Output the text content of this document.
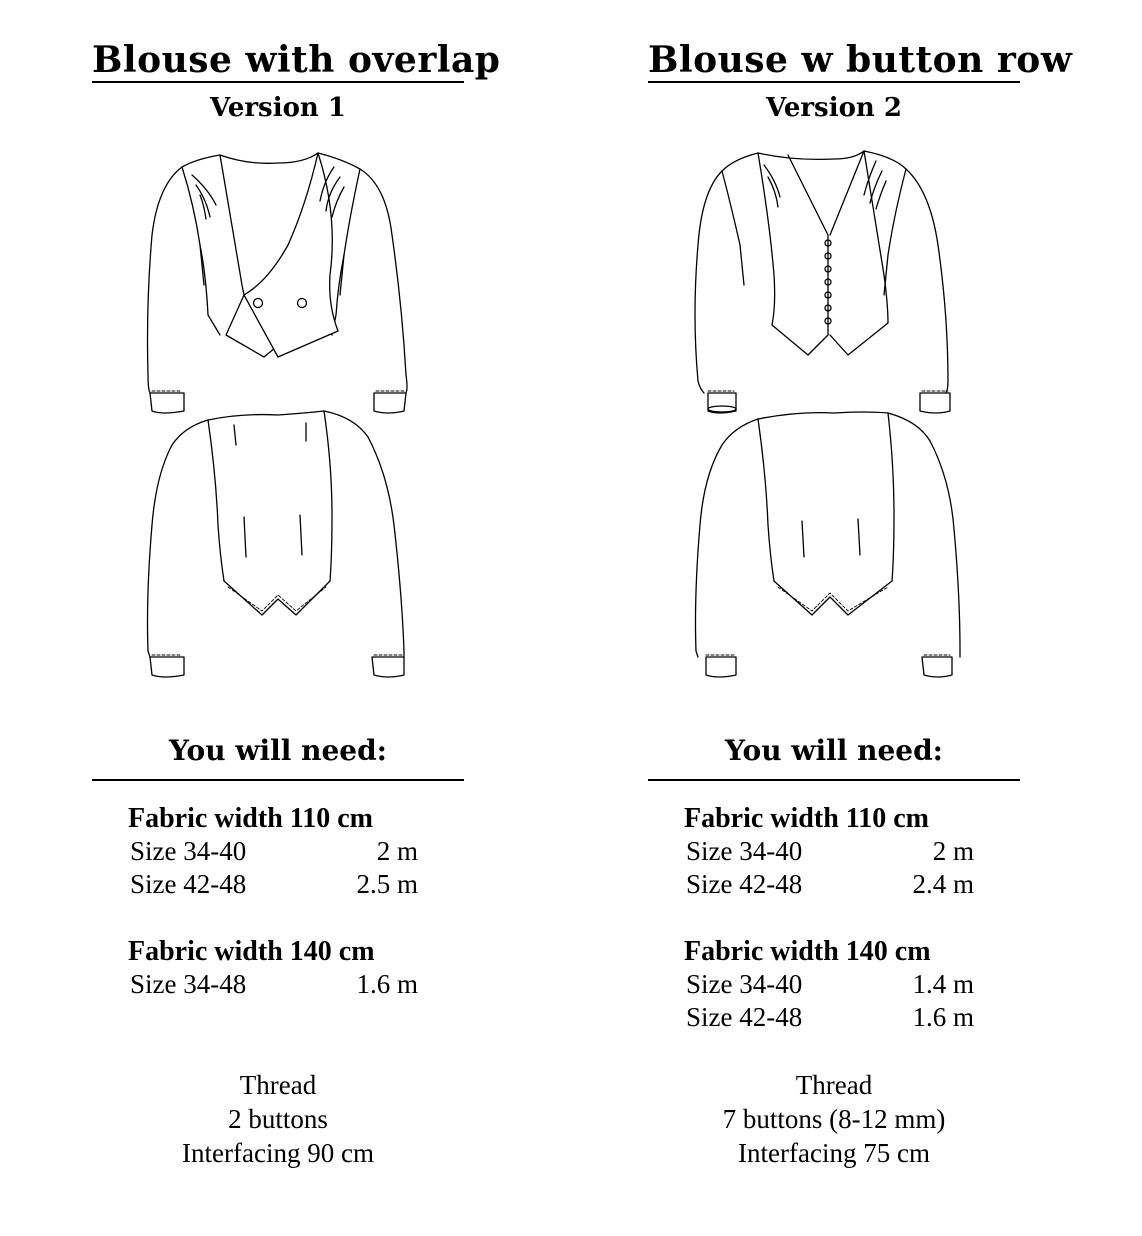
Blouse with overlap
Version 1
You will need:
Fabric width 110 cm
Size 34-40	2 m
Size 42-48	2.5 m
Fabric width 140 cm
Size 34-48	1.6 m
Thread
2 buttons
Interfacing 90 cm
Blouse w button row
Version 2
You will need:
Fabric width 110 cm
Size 34-40	2 m
Size 42-48	2.4 m
Fabric width 140 cm
Size 34-40	1.4 m
Size 42-48	1.6 m
Thread
7 buttons (8-12 mm)
Interfacing 75 cm
